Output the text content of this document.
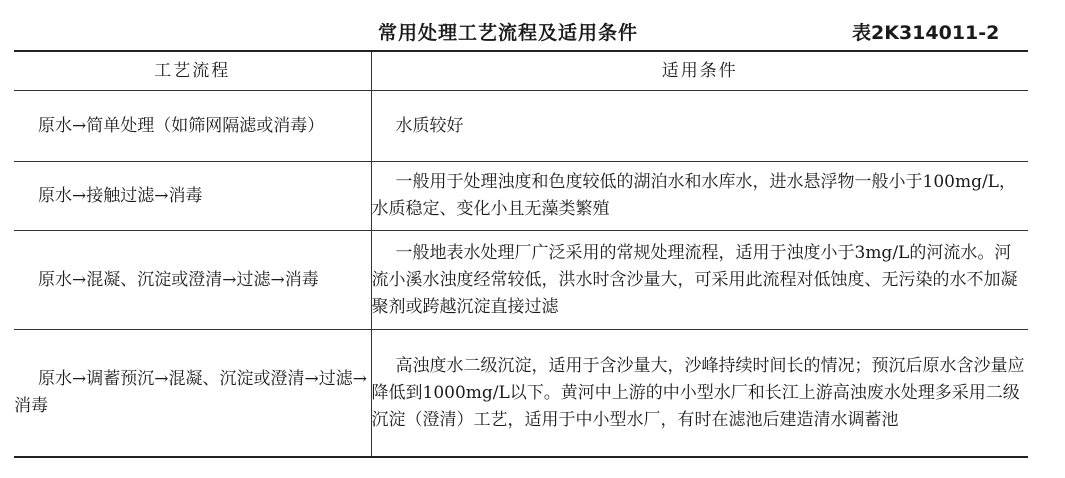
常用处理工艺流程及适用条件	表2K314011-2
工艺流程	适用条件
原水→简单处理（如筛网隔滤或消毒）	水质较好
原水→接触过滤→消毒	一般用于处理浊度和色度较低的湖泊水和水库水，进水悬浮物一般小于100mg/L，水质稳定、变化小且无藻类繁殖
原水→混凝、沉淀或澄清→过滤→消毒	一般地表水处理厂广泛采用的常规处理流程，适用于浊度小于3mg/L的河流水。河流小溪水浊度经常较低，洪水时含沙量大，可采用此流程对低蚀度、无污染的水不加凝聚剂或跨越沉淀直接过滤
原水→调蓄预沉→混凝、沉淀或澄清→过滤→消毒	高浊度水二级沉淀，适用于含沙量大，沙峰持续时间长的情况；预沉后原水含沙量应降低到1000mg/L以下。黄河中上游的中小型水厂和长江上游高浊废水处理多采用二级沉淀（澄清）工艺，适用于中小型水厂，有时在滤池后建造清水调蓄池
